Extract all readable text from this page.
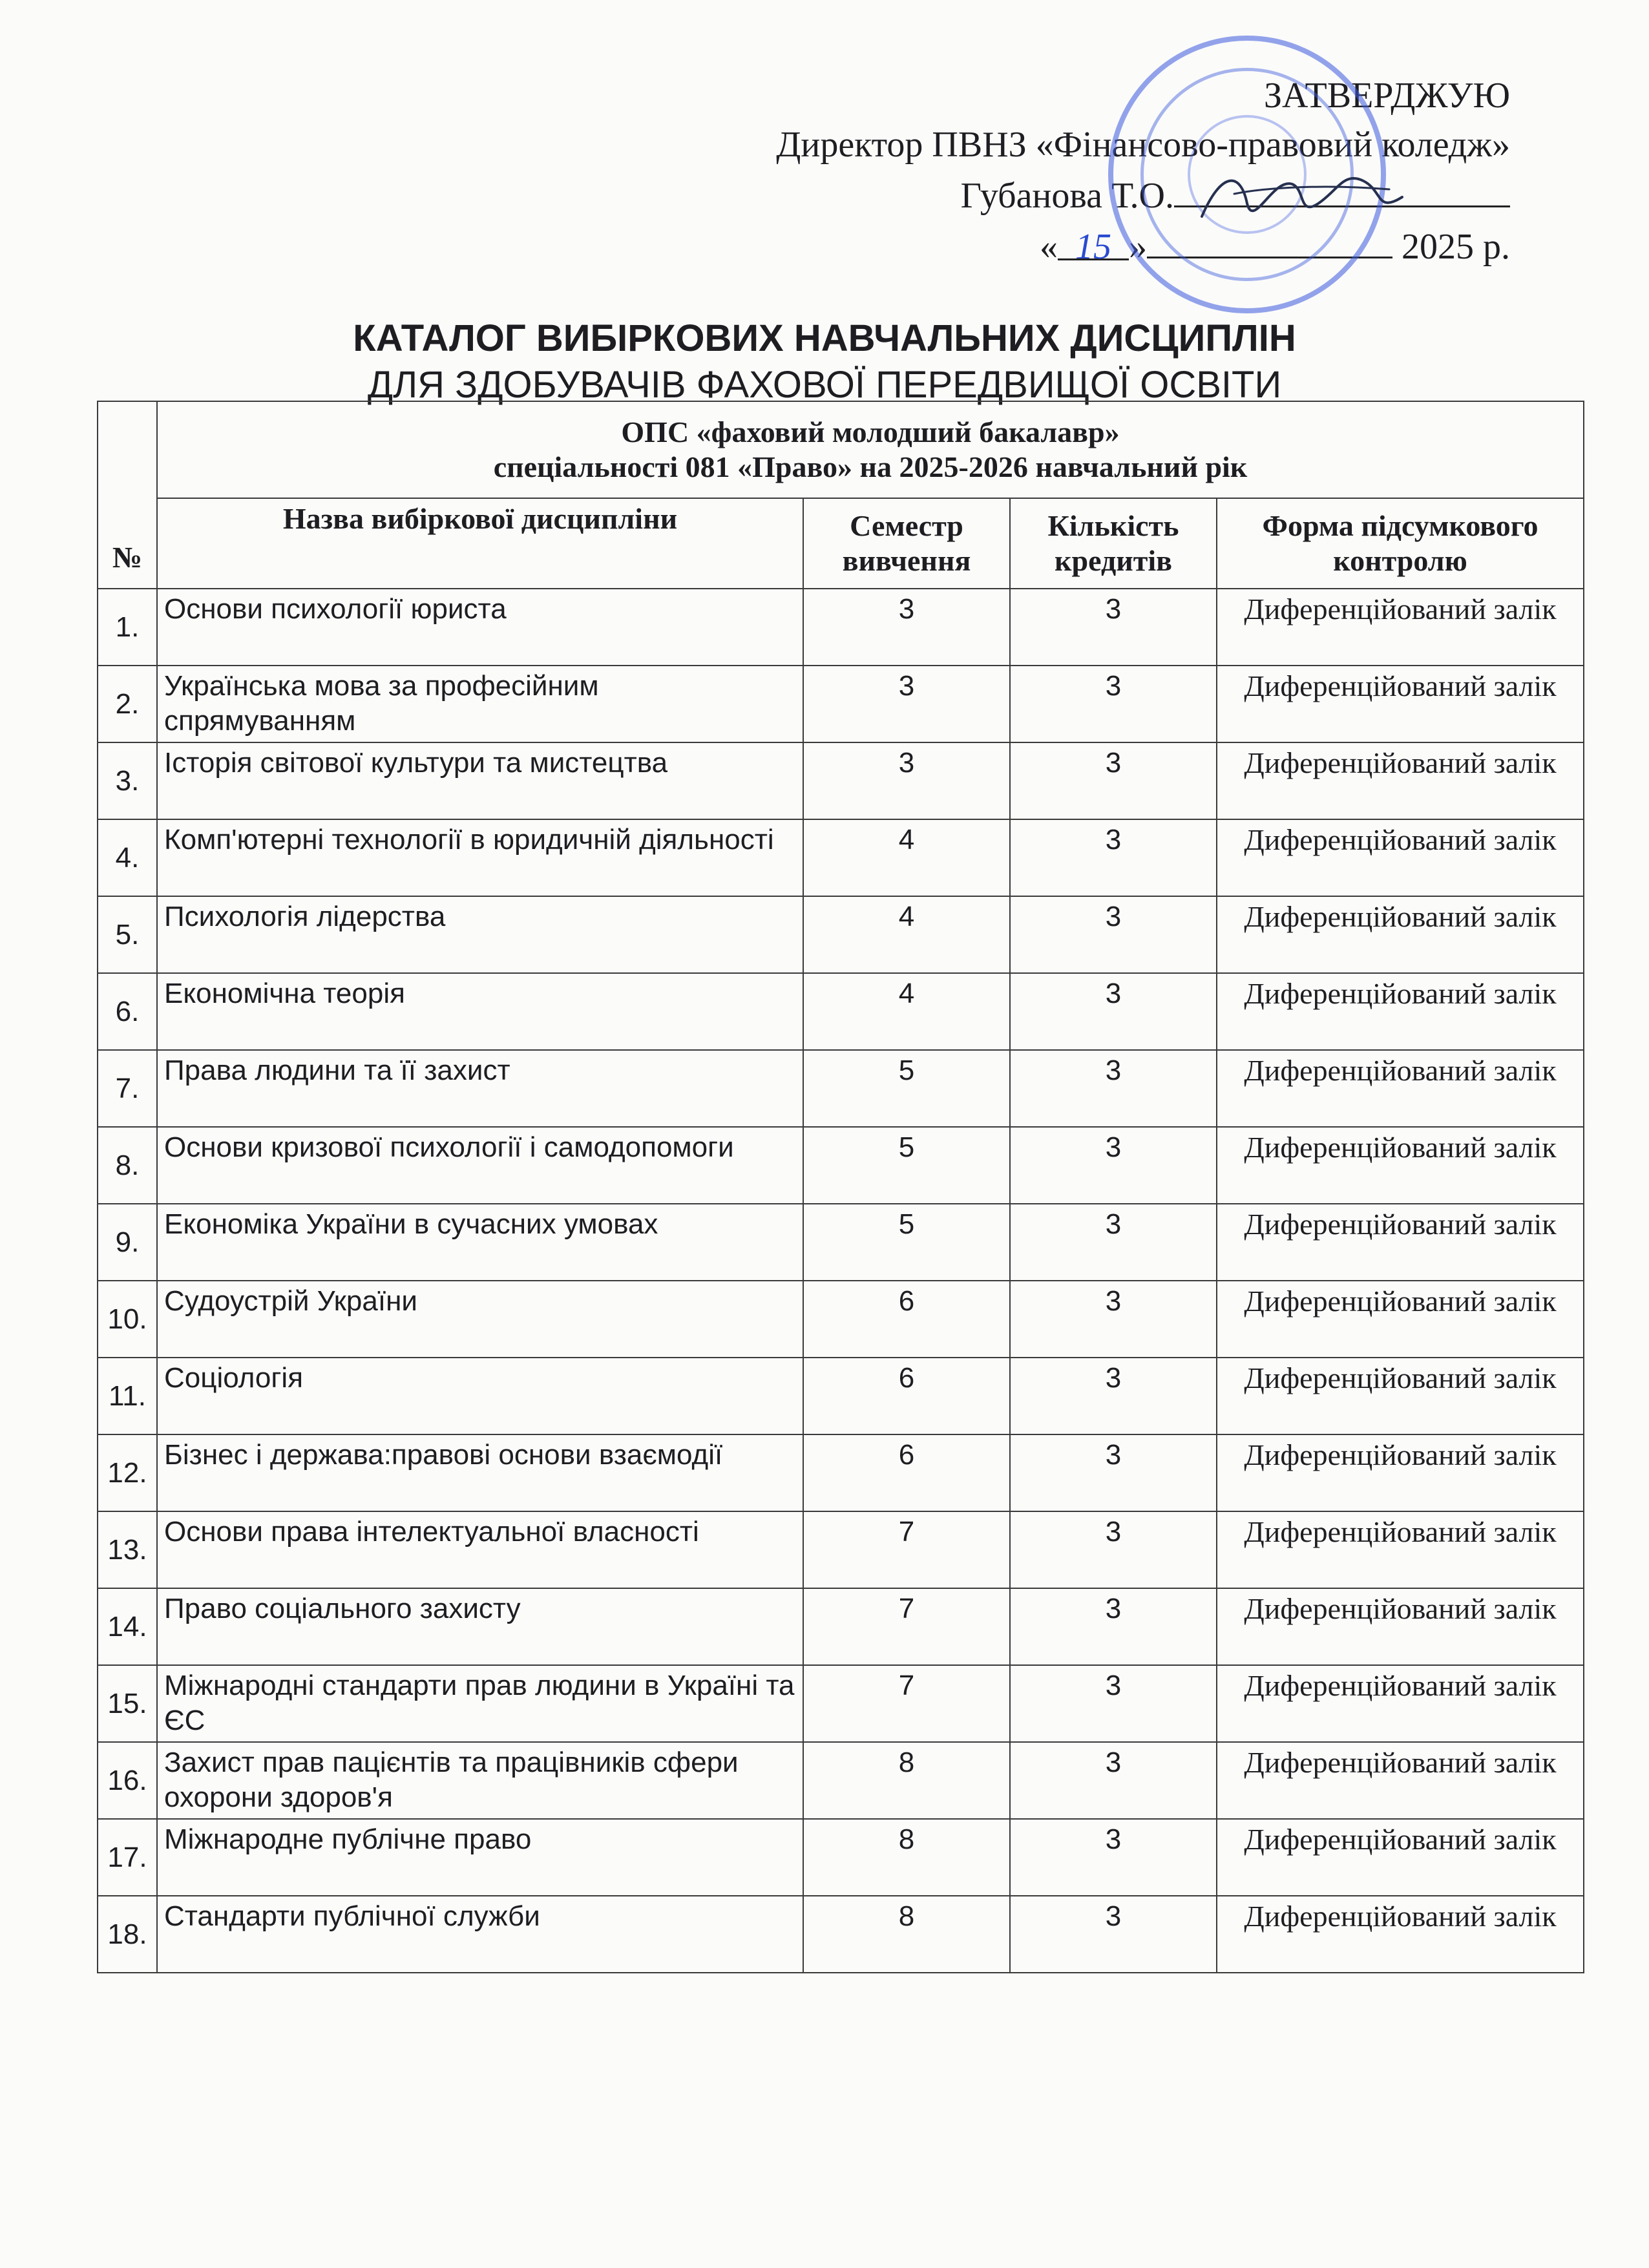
ЗАТВЕРДЖУЮ
Директор ПВНЗ «Фінансово-правовий коледж»
Губанова Т.О.
« 15 »	2025 р.
КАТАЛОГ ВИБІРКОВИХ НАВЧАЛЬНИХ ДИСЦИПЛІН
ДЛЯ ЗДОБУВАЧІВ ФАХОВОЇ ПЕРЕДВИЩОЇ ОСВІТИ
№	ОПС «фаховий молодший бакалавр»
спеціальності 081 «Право» на 2025-2026 навчальний рік			

	Назва вибіркової дисципліни	Семестр вивчення	Кількість кредитів	Форма підсумкового контролю
1.	Основи психології юриста	3	3	Диференційований залік
2.	Українська мова за професійним спрямуванням	3	3	Диференційований залік
3.	Історія світової культури та мистецтва	3	3	Диференційований залік
4.	Комп'ютерні технології в юридичній діяльності	4	3	Диференційований залік
5.	Психологія лідерства	4	3	Диференційований залік
6.	Економічна теорія	4	3	Диференційований залік
7.	Права людини та її захист	5	3	Диференційований залік
8.	Основи кризової психології і самодопомоги	5	3	Диференційований залік
9.	Економіка України в сучасних умовах	5	3	Диференційований залік
10.	Судоустрій України	6	3	Диференційований залік
11.	Соціологія	6	3	Диференційований залік
12.	Бізнес і держава:правові основи взаємодії	6	3	Диференційований залік
13.	Основи права інтелектуальної власності	7	3	Диференційований залік
14.	Право соціального захисту	7	3	Диференційований залік
15.	Міжнародні стандарти прав людини в Україні та ЄС	7	3	Диференційований залік
16.	Захист прав пацієнтів та працівників сфери охорони здоров'я	8	3	Диференційований залік
17.	Міжнародне публічне право	8	3	Диференційований залік
18.	Стандарти публічної служби	8	3	Диференційований залік
